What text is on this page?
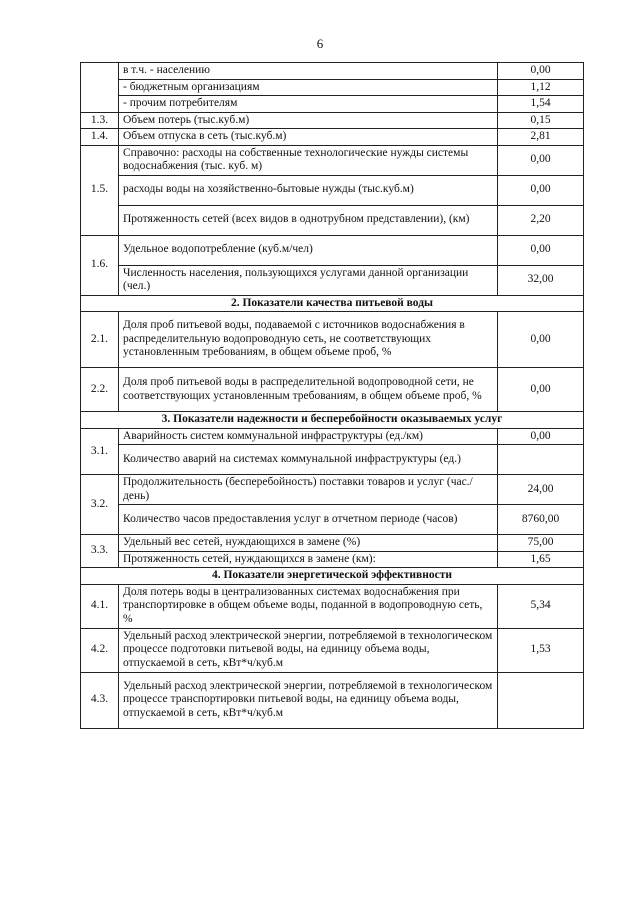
6
	в т.ч. - населению	0,00
	- бюджетным организациям	1,12
	- прочим потребителям	1,54
1.3.	Объем потерь (тыс.куб.м)	0,15
1.4.	Объем отпуска в сеть (тыс.куб.м)	2,81
1.5.	Справочно: расходы на собственные технологические нужды системы водоснабжения (тыс. куб. м)	0,00
	расходы воды на хозяйственно-бытовые нужды (тыс.куб.м)	0,00
	Протяженность сетей (всех видов в однотрубном представлении), (км)	2,20
1.6.	Удельное водопотребление (куб.м/чел)	0,00
	Численность населения, пользующихся услугами данной организации (чел.)	32,00
2. Показатели качества питьевой воды		
2.1.	Доля проб питьевой воды, подаваемой с источников водоснабжения в распределительную водопроводную сеть, не соответствующих установленным требованиям, в общем объеме проб, %	0,00
2.2.	Доля проб питьевой воды в распределительной водопроводной сети, не соответствующих установленным требованиям, в общем объеме проб, %	0,00
3. Показатели надежности и бесперебойности оказываемых услуг		
3.1.	Аварийность систем коммунальной инфраструктуры (ед./км)	0,00
	Количество аварий на системах коммунальной инфраструктуры (ед.)	
3.2.	Продолжительность (бесперебойность) поставки товаров и услуг (час./день)	24,00
	Количество часов предоставления услуг в отчетном периоде (часов)	8760,00
3.3.	Удельный вес сетей, нуждающихся в замене (%)	75,00
	Протяженность сетей, нуждающихся в замене (км):	1,65
4. Показатели энергетической эффективности		
4.1.	Доля потерь воды в централизованных системах водоснабжения при транспортировке в общем объеме воды, поданной в водопроводную сеть, %	5,34
4.2.	Удельный расход электрической энергии, потребляемой в технологическом процессе подготовки питьевой воды, на единицу объема воды, отпускаемой в сеть, кВт*ч/куб.м	1,53
4.3.	Удельный расход электрической энергии, потребляемой в технологическом процессе транспортировки питьевой воды, на единицу объема воды, отпускаемой в сеть, кВт*ч/куб.м	
